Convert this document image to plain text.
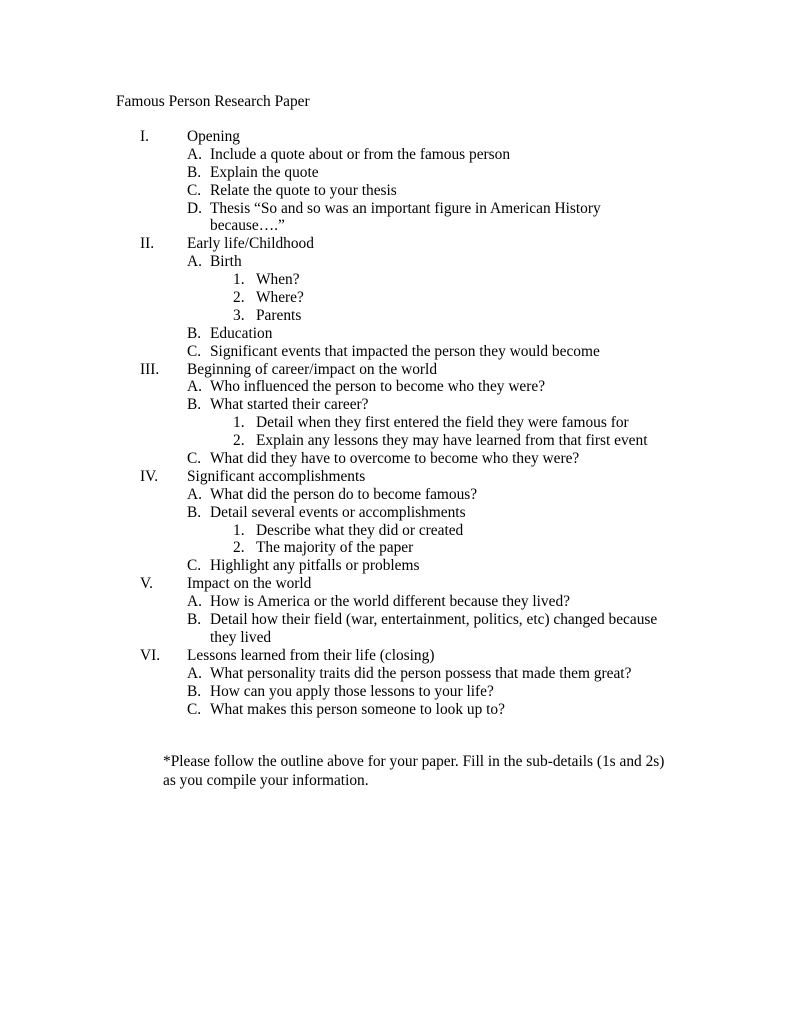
Famous Person Research Paper
I. Opening
A. Include a quote about or from the famous person
B. Explain the quote
C. Relate the quote to your thesis
D. Thesis “So and so was an important figure in American History
because….”
II. Early life/Childhood
A. Birth
1. When?
2. Where?
3. Parents
B. Education
C. Significant events that impacted the person they would become
III. Beginning of career/impact on the world
A. Who influenced the person to become who they were?
B. What started their career?
1. Detail when they first entered the field they were famous for
2. Explain any lessons they may have learned from that first event
C. What did they have to overcome to become who they were?
IV. Significant accomplishments
A. What did the person do to become famous?
B. Detail several events or accomplishments
1. Describe what they did or created
2. The majority of the paper
C. Highlight any pitfalls or problems
V. Impact on the world
A. How is America or the world different because they lived?
B. Detail how their field (war, entertainment, politics, etc) changed because
they lived
VI. Lessons learned from their life (closing)
A. What personality traits did the person possess that made them great?
B. How can you apply those lessons to your life?
C. What makes this person someone to look up to?
*Please follow the outline above for your paper. Fill in the sub-details (1s and 2s)
as you compile your information.
